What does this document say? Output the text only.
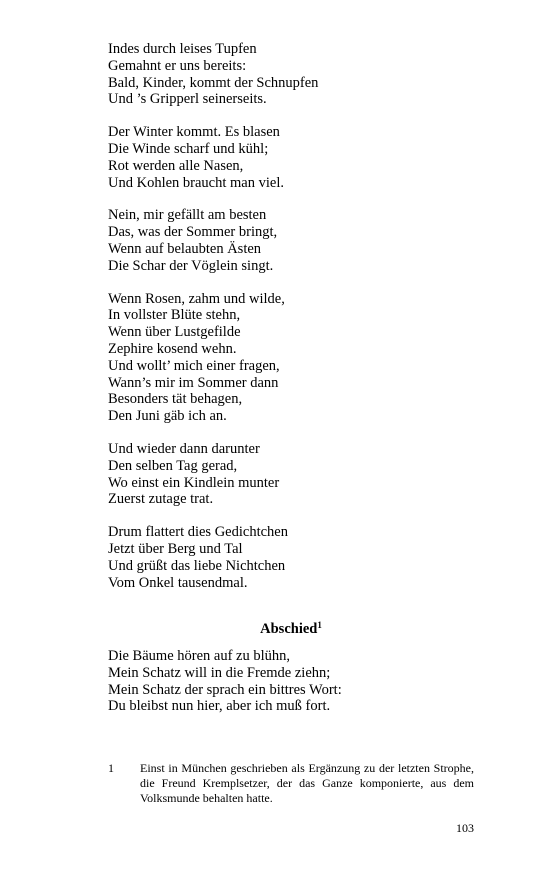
Indes durch leises Tupfen
Gemahnt er uns bereits:
Bald, Kinder, kommt der Schnupfen
Und ’s Gripperl seinerseits.
Der Winter kommt. Es blasen
Die Winde scharf und kühl;
Rot werden alle Nasen,
Und Kohlen braucht man viel.
Nein, mir gefällt am besten
Das, was der Sommer bringt,
Wenn auf belaubten Ästen
Die Schar der Vöglein singt.
Wenn Rosen, zahm und wilde,
In vollster Blüte stehn,
Wenn über Lustgefilde
Zephire kosend wehn.
Und wollt’ mich einer fragen,
Wann’s mir im Sommer dann
Besonders tät behagen,
Den Juni gäb ich an.
Und wieder dann darunter
Den selben Tag gerad,
Wo einst ein Kindlein munter
Zuerst zutage trat.
Drum flattert dies Gedichtchen
Jetzt über Berg und Tal
Und grüßt das liebe Nichtchen
Vom Onkel tausendmal.
Abschied$^1$
Die Bäume hören auf zu blühn,
Mein Schatz will in die Fremde ziehn;
Mein Schatz der sprach ein bittres Wort:
Du bleibst nun hier, aber ich muß fort.
1 Einst in München geschrieben als Ergänzung zu der letzten Strophe, die Freund Kremplsetzer, der das Ganze komponierte, aus dem Volksmunde behalten hatte.
103
